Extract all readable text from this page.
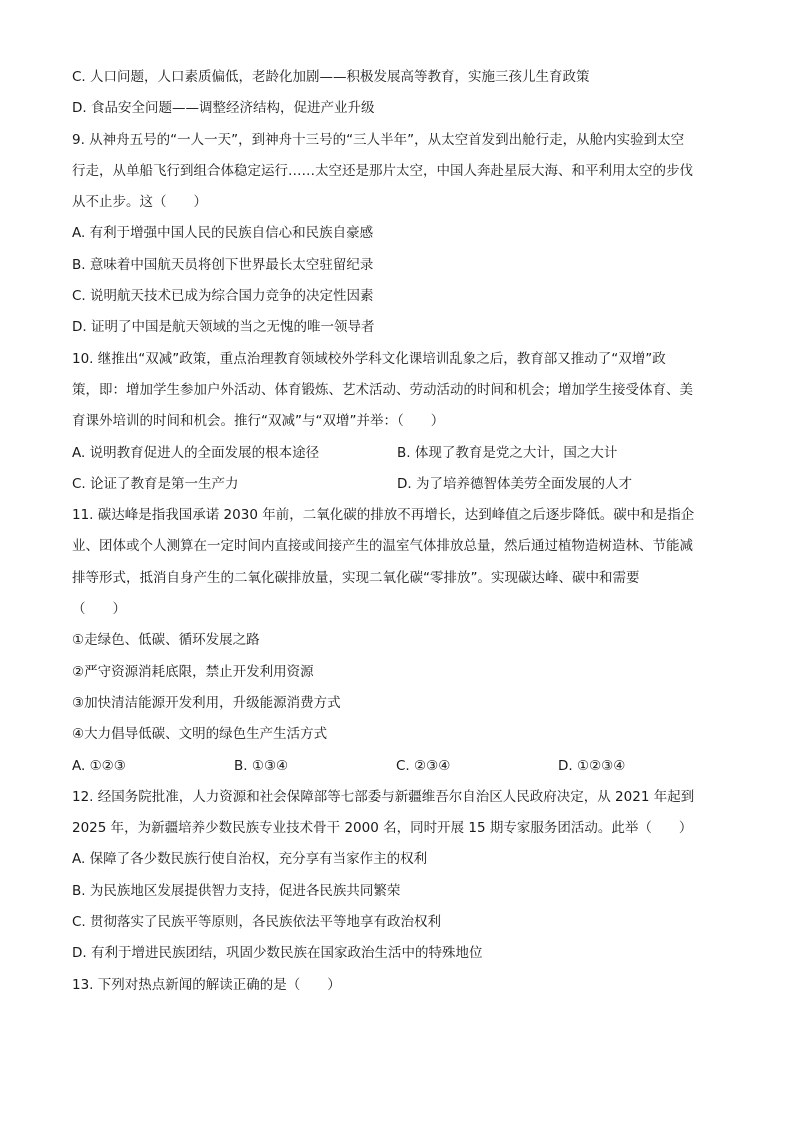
C. 人口问题，人口素质偏低，老龄化加剧——积极发展高等教育，实施三孩儿生育政策
D. 食品安全问题——调整经济结构，促进产业升级
9. 从神舟五号的“一人一天”，到神舟十三号的“三人半年”，从太空首发到出舱行走，从舱内实验到太空
行走，从单船飞行到组合体稳定运行……太空还是那片太空，中国人奔赴星辰大海、和平利用太空的步伐
从不止步。这（　　）
A. 有利于增强中国人民的民族自信心和民族自豪感
B. 意味着中国航天员将创下世界最长太空驻留纪录
C. 说明航天技术已成为综合国力竞争的决定性因素
D. 证明了中国是航天领域的当之无愧的唯一领导者
10. 继推出“双减”政策，重点治理教育领域校外学科文化课培训乱象之后，教育部又推动了“双增”政
策，即：增加学生参加户外活动、体育锻炼、艺术活动、劳动活动的时间和机会；增加学生接受体育、美
育课外培训的时间和机会。推行“双减”与“双增”并举：（　　）
A. 说明教育促进人的全面发展的根本途径	B. 体现了教育是党之大计，国之大计
C. 论证了教育是第一生产力	D. 为了培养德智体美劳全面发展的人才
11. 碳达峰是指我国承诺 2030 年前，二氧化碳的排放不再增长，达到峰值之后逐步降低。碳中和是指企
业、团体或个人测算在一定时间内直接或间接产生的温室气体排放总量，然后通过植物造树造林、节能减
排等形式，抵消自身产生的二氧化碳排放量，实现二氧化碳“零排放”。实现碳达峰、碳中和需要
（　　）
①走绿色、低碳、循环发展之路
②严守资源消耗底限，禁止开发利用资源
③加快清洁能源开发利用，升级能源消费方式
④大力倡导低碳、文明的绿色生产生活方式
A. ①②③	B. ①③④	C. ②③④	D. ①②③④
12. 经国务院批准，人力资源和社会保障部等七部委与新疆维吾尔自治区人民政府决定，从 2021 年起到
2025 年，为新疆培养少数民族专业技术骨干 2000 名，同时开展 15 期专家服务团活动。此举（　　）
A. 保障了各少数民族行使自治权，充分享有当家作主的权利
B. 为民族地区发展提供智力支持，促进各民族共同繁荣
C. 贯彻落实了民族平等原则，各民族依法平等地享有政治权利
D. 有利于增进民族团结，巩固少数民族在国家政治生活中的特殊地位
13. 下列对热点新闻的解读正确的是（　　）
